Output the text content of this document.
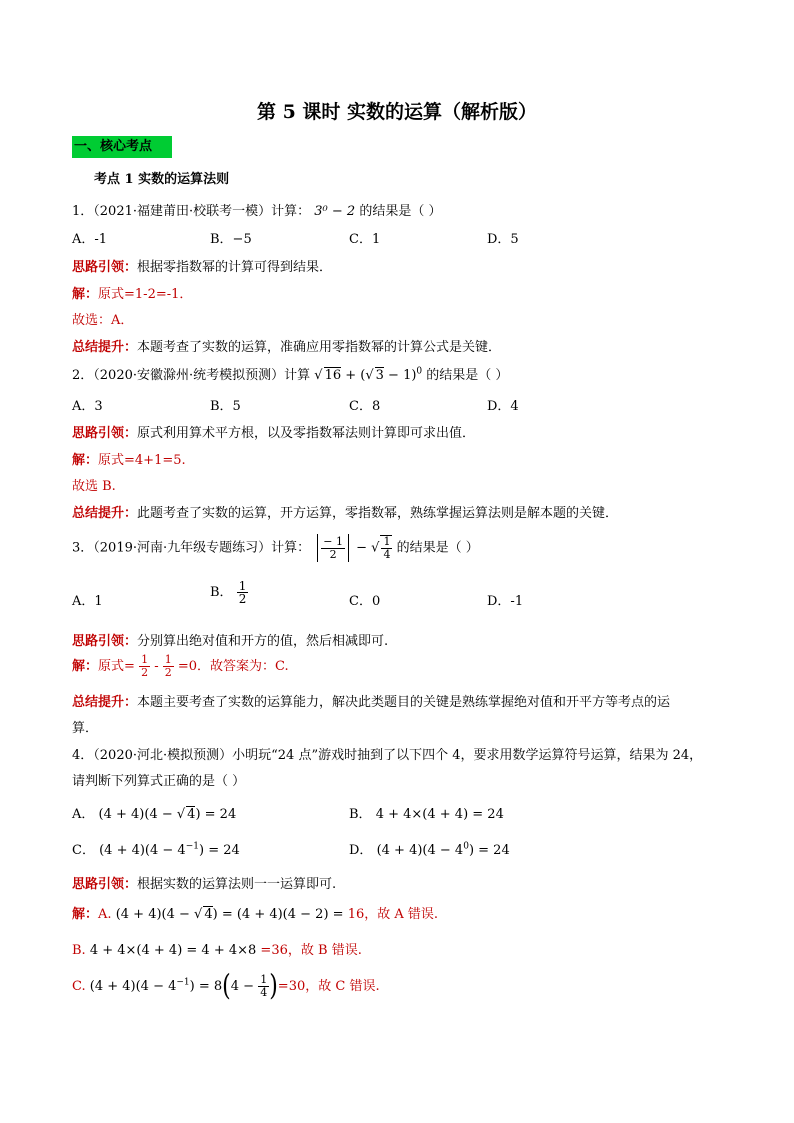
第 5 课时 实数的运算（解析版）
一、核心考点
考点 1 实数的运算法则
1．（2021·福建莆田·校联考一模）计算： 3⁰ − 2 的结果是（ ）
A．-1	B．−5	C．1	D．5
思路引领：根据零指数幂的计算可得到结果．
解：原式=1-2=-1．
故选：A．
总结提升：本题考查了实数的运算，准确应用零指数幂的计算公式是关键．
2．（2020·安徽滁州·统考模拟预测）计算 √ 16 + (√ 3 − 1)$^0$ 的结果是（ ）
A．3	B．5	C．8	D．4
思路引领：原式利用算术平方根，以及零指数幂法则计算即可求出值．
解：原式=4+1=5.
故选 B.
总结提升：此题考查了实数的运算，开方运算，零指数幂，熟练掌握运算法则是解本题的关键．
3．（2019·河南·九年级专题练习）计算： $\frac{- 1}{2}$ − √ $\frac{1}{4}$ 的结果是（ ）
A．1
B． $\frac{1}{2}$	C．0	D．-1
思路引领：分别算出绝对值和开方的值，然后相减即可.
解：原式= $\frac{1}{2} - \frac{1}{2} =0$．故答案为：C.
总结提升：本题主要考查了实数的运算能力，解决此类题目的关键是熟练掌握绝对值和开平方等考点的运
算．
4．（2020·河北·模拟预测）小明玩“24 点”游戏时抽到了以下四个 4，要求用数学运算符号运算，结果为 24，
请判断下列算式正确的是（ ）
A． (4 + 4)(4 − √ 4) = 24	B． 4 + 4×(4 + 4) = 24
C． $(4 + 4)(4 - 4^{-1}) = 24$	D． $(4 + 4)(4 - 4^0) = 24$
思路引领：根据实数的运算法则一一运算即可.
解：A. (4 + 4)(4 − √ 4) = (4 + 4)(4 − 2) = 16，故 A 错误.
B. 4 + 4×(4 + 4) = 4 + 4×8 =36，故 B 错误.
C. $(4 + 4)(4 - 4^{-1}) = 8(4 - \frac{1}{4} )=30$，故 C 错误.
